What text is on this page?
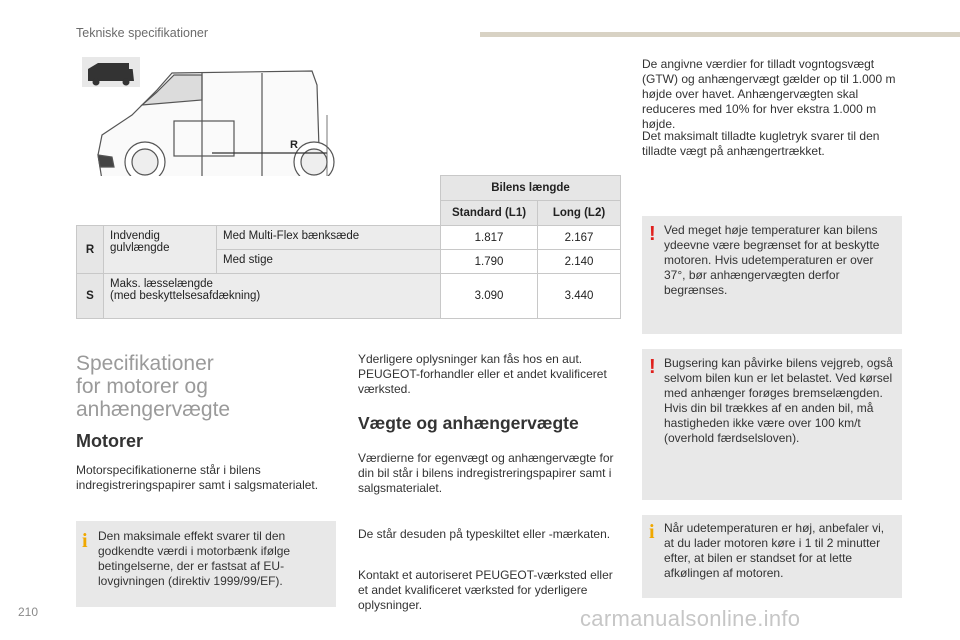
Tekniske specifikationer
R
			Bilens længde	
			Standard (L1)	Long (L2)
R	Indvendig gulvlængde	Med Multi-Flex bænksæde	1.817	2.167
		Med stige	1.790	2.140
S	Maks. læsselængde
(med beskyttelsesafdækning)		3.090	3.440
Specifikationer
for motorer og
anhængervægte
Motorer
Motorspecifikationerne står i bilens indregistreringspapirer samt i salgsmaterialet.
i Den maksimale effekt svarer til den godkendte værdi i motorbænk ifølge betingelserne, der er fastsat af EU-lovgivningen (direktiv 1999/99/EF).
Yderligere oplysninger kan fås hos en aut. PEUGEOT-forhandler eller et andet kvalificeret værksted.
Vægte og anhængervægte
Værdierne for egenvægt og anhængervægte for din bil står i bilens indregistreringspapirer samt i salgsmaterialet.
De står desuden på typeskiltet eller -mærkaten.
Kontakt et autoriseret PEUGEOT-værksted eller et andet kvalificeret værksted for yderligere oplysninger.
De angivne værdier for tilladt vogntogsvægt (GTW) og anhængervægt gælder op til 1.000 m højde over havet. Anhængervægten skal reduceres med 10% for hver ekstra 1.000 m højde.
Det maksimalt tilladte kugletryk svarer til den tilladte vægt på anhængertrækket.
! Ved meget høje temperaturer kan bilens ydeevne være begrænset for at beskytte motoren. Hvis udetemperaturen er over 37°, bør anhængervægten derfor begrænses.
! Bugsering kan påvirke bilens vejgreb, også selvom bilen kun er let belastet. Ved kørsel med anhænger forøges bremselængden. Hvis din bil trækkes af en anden bil, må hastigheden ikke være over 100 km/t (overhold færdselsloven).
i Når udetemperaturen er høj, anbefaler vi, at du lader motoren køre i 1 til 2 minutter efter, at bilen er standset for at lette afkølingen af motoren.
210	carmanualsonline.info
